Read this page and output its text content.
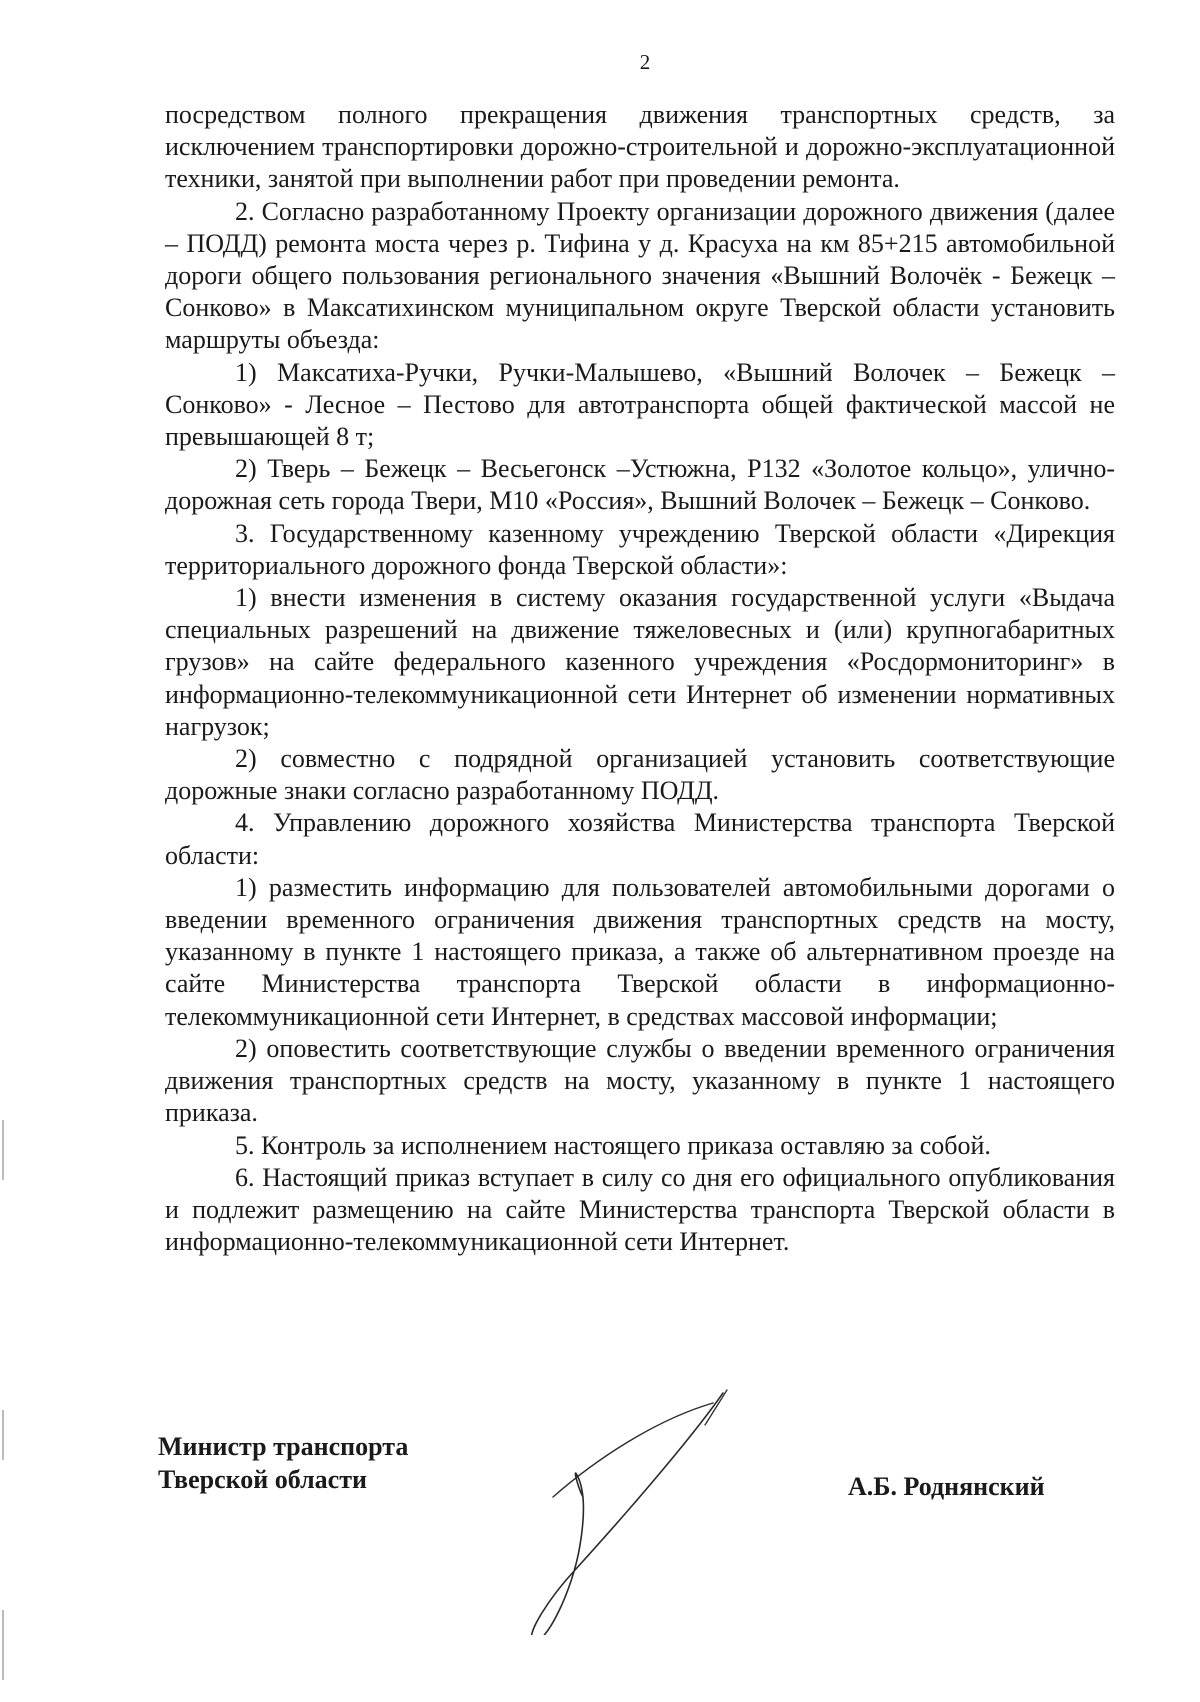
2

посредством полного прекращения движения транспортных средств, за исключением транспортировки дорожно-строительной и дорожно-эксплуатационной техники, занятой при выполнении работ при проведении ремонта.

2. Согласно разработанному Проекту организации дорожного движения (далее – ПОДД) ремонта моста через р. Тифина у д. Красуха на км 85+215 автомобильной дороги общего пользования регионального значения «Вышний Волочёк - Бежецк – Сонково» в Максатихинском муниципальном округе Тверской области установить маршруты объезда:

1) Максатиха-Ручки, Ручки-Малышево, «Вышний Волочек – Бежецк – Сонково» - Лесное – Пестово для автотранспорта общей фактической массой не превышающей 8 т;

2) Тверь – Бежецк – Весьегонск –Устюжна, Р132 «Золотое кольцо», улично-дорожная сеть города Твери, М10 «Россия», Вышний Волочек – Бежецк – Сонково.

3. Государственному казенному учреждению Тверской области «Дирекция территориального дорожного фонда Тверской области»:

1) внести изменения в систему оказания государственной услуги «Выдача специальных разрешений на движение тяжеловесных и (или) крупногабаритных грузов» на сайте федерального казенного учреждения «Росдормониторинг» в информационно-телекоммуникационной сети Интернет об изменении нормативных нагрузок;

2) совместно с подрядной организацией установить соответствующие дорожные знаки согласно разработанному ПОДД.

4. Управлению дорожного хозяйства Министерства транспорта Тверской области:

1) разместить информацию для пользователей автомобильными дорогами о введении временного ограничения движения транспортных средств на мосту, указанному в пункте 1 настоящего приказа, а также об альтернативном проезде на сайте Министерства транспорта Тверской области в информационно-телекоммуникационной сети Интернет, в средствах массовой информации;

2) оповестить соответствующие службы о введении временного ограничения движения транспортных средств на мосту, указанному в пункте 1 настоящего приказа.

5. Контроль за исполнением настоящего приказа оставляю за собой.

6. Настоящий приказ вступает в силу со дня его официального опубликования и подлежит размещению на сайте Министерства транспорта Тверской области в информационно-телекоммуникационной сети Интернет.

Министр транспорта
Тверской области	А.Б. Роднянский
